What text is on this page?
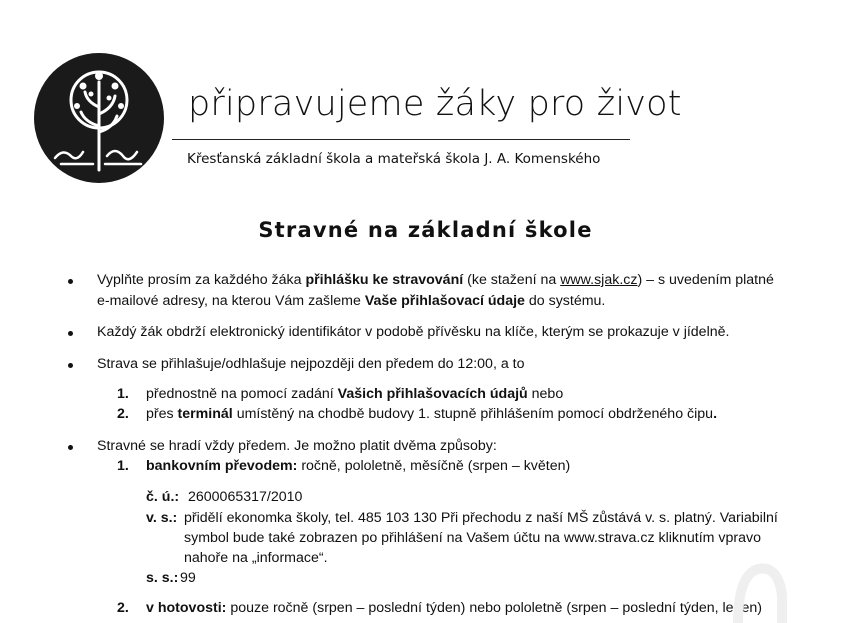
připravujeme žáky pro život
Křesťanská základní škola a mateřská škola J. A. Komenského
Stravné na základní škole
Vyplňte prosím za každého žáka přihlášku ke stravování (ke stažení na www.sjak.cz) – s uvedením platné
e-mailové adresy, na kterou Vám zašleme Vaše přihlašovací údaje do systému.
Každý žák obdrží elektronický identifikátor v podobě přívěsku na klíče, kterým se prokazuje v jídelně.
Strava se přihlašuje/odhlašuje nejpozději den předem do 12:00, a to
1. přednostně na pomocí zadání Vašich přihlašovacích údajů nebo
2. přes terminál umístěný na chodbě budovy 1. stupně přihlášením pomocí obdrženého čipu.
Stravné se hradí vždy předem. Je možno platit dvěma způsoby:
1. bankovním převodem: ročně, pololetně, měsíčně (srpen – květen)
č. ú.: 2600065317/2010
v. s.: přidělí ekonomka školy, tel. 485 103 130 Při přechodu z naší MŠ zůstává v. s. platný. Variabilní
symbol bude také zobrazen po přihlášení na Vašem účtu na www.strava.cz kliknutím vpravo
nahoře na „informace“.
s. s.: 99
2. v hotovosti: pouze ročně (srpen – poslední týden) nebo pololetně (srpen – poslední týden, leden)
